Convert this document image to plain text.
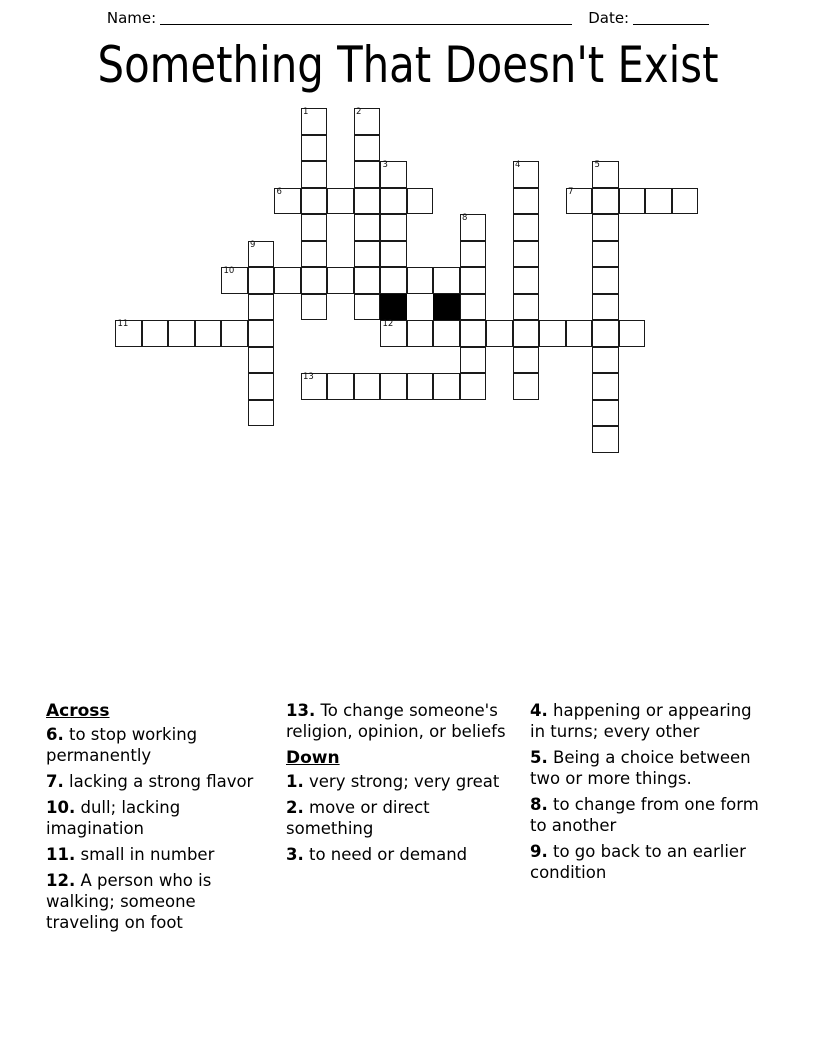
Name:	Date:
Something That Doesn't Exist
1	2
3	4	5
6	7
8
9
10
11	12
13
Across
6. to stop working permanently
7. lacking a strong flavor
10. dull; lacking imagination
11. small in number
12. A person who is walking; someone traveling on foot
13. To change someone's religion, opinion, or beliefs
Down
1. very strong; very great
2. move or direct something
3. to need or demand
4. happening or appearing in turns; every other
5. Being a choice between two or more things.
8. to change from one form to another
9. to go back to an earlier condition
